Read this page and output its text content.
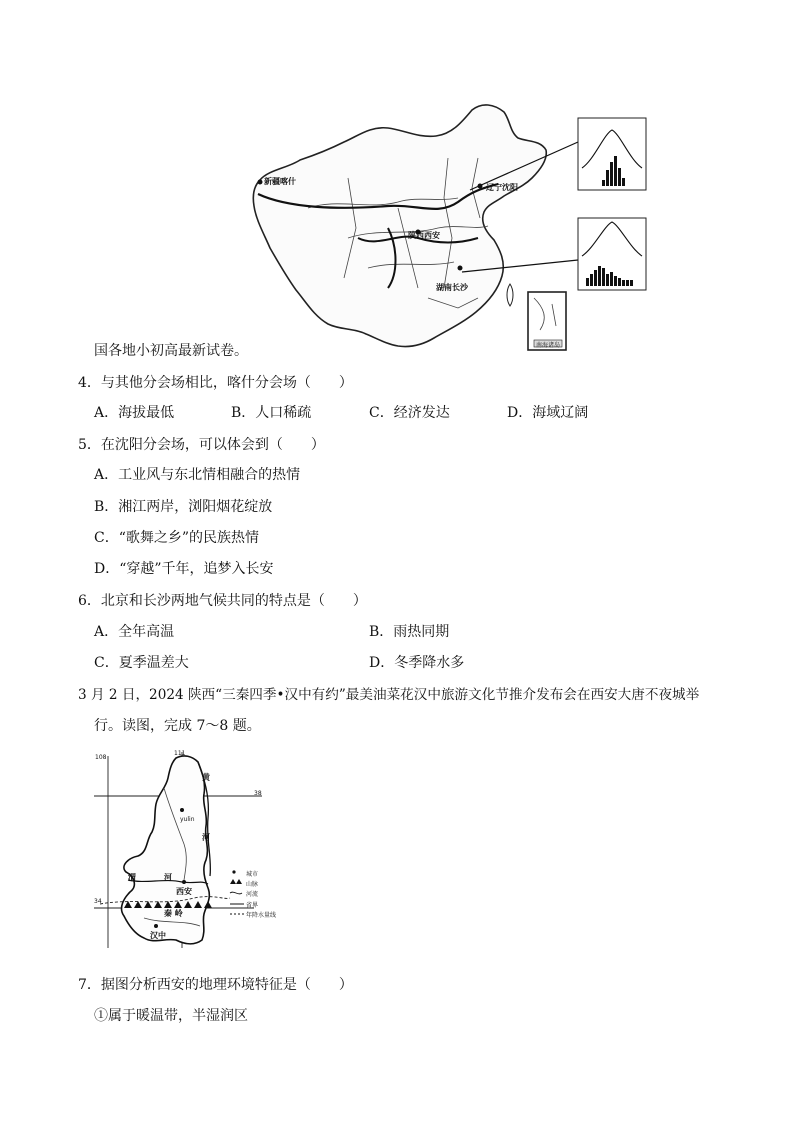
新疆喀什
辽宁沈阳
陕西西安
湖南长沙
南海诸岛
国各地小初高最新试卷。
4．与其他分会场相比，喀什分会场（　　）
A．海拔最低	B．人口稀疏	C．经济发达	D．海域辽阔
5．在沈阳分会场，可以体会到（　　）
A．工业风与东北情相融合的热情
B．湘江两岸，浏阳烟花绽放
C．“歌舞之乡”的民族热情
D．“穿越”千年，追梦入长安
6．北京和长沙两地气候共同的特点是（　　）
A．全年高温	B．雨热同期
C．夏季温差大	D．冬季降水多
3 月 2 日，2024 陕西“三秦四季•汉中有约”最美油菜花汉中旅游文化节推介发布会在西安大唐不夜城举
行。读图，完成 7～8 题。
108
111
38
34
黄
河
yulin
渭	河
西安
秦 岭
汉中
城市
山脉
河流
省界
年降水量线
7．据图分析西安的地理环境特征是（　　）
①属于暖温带，半湿润区
